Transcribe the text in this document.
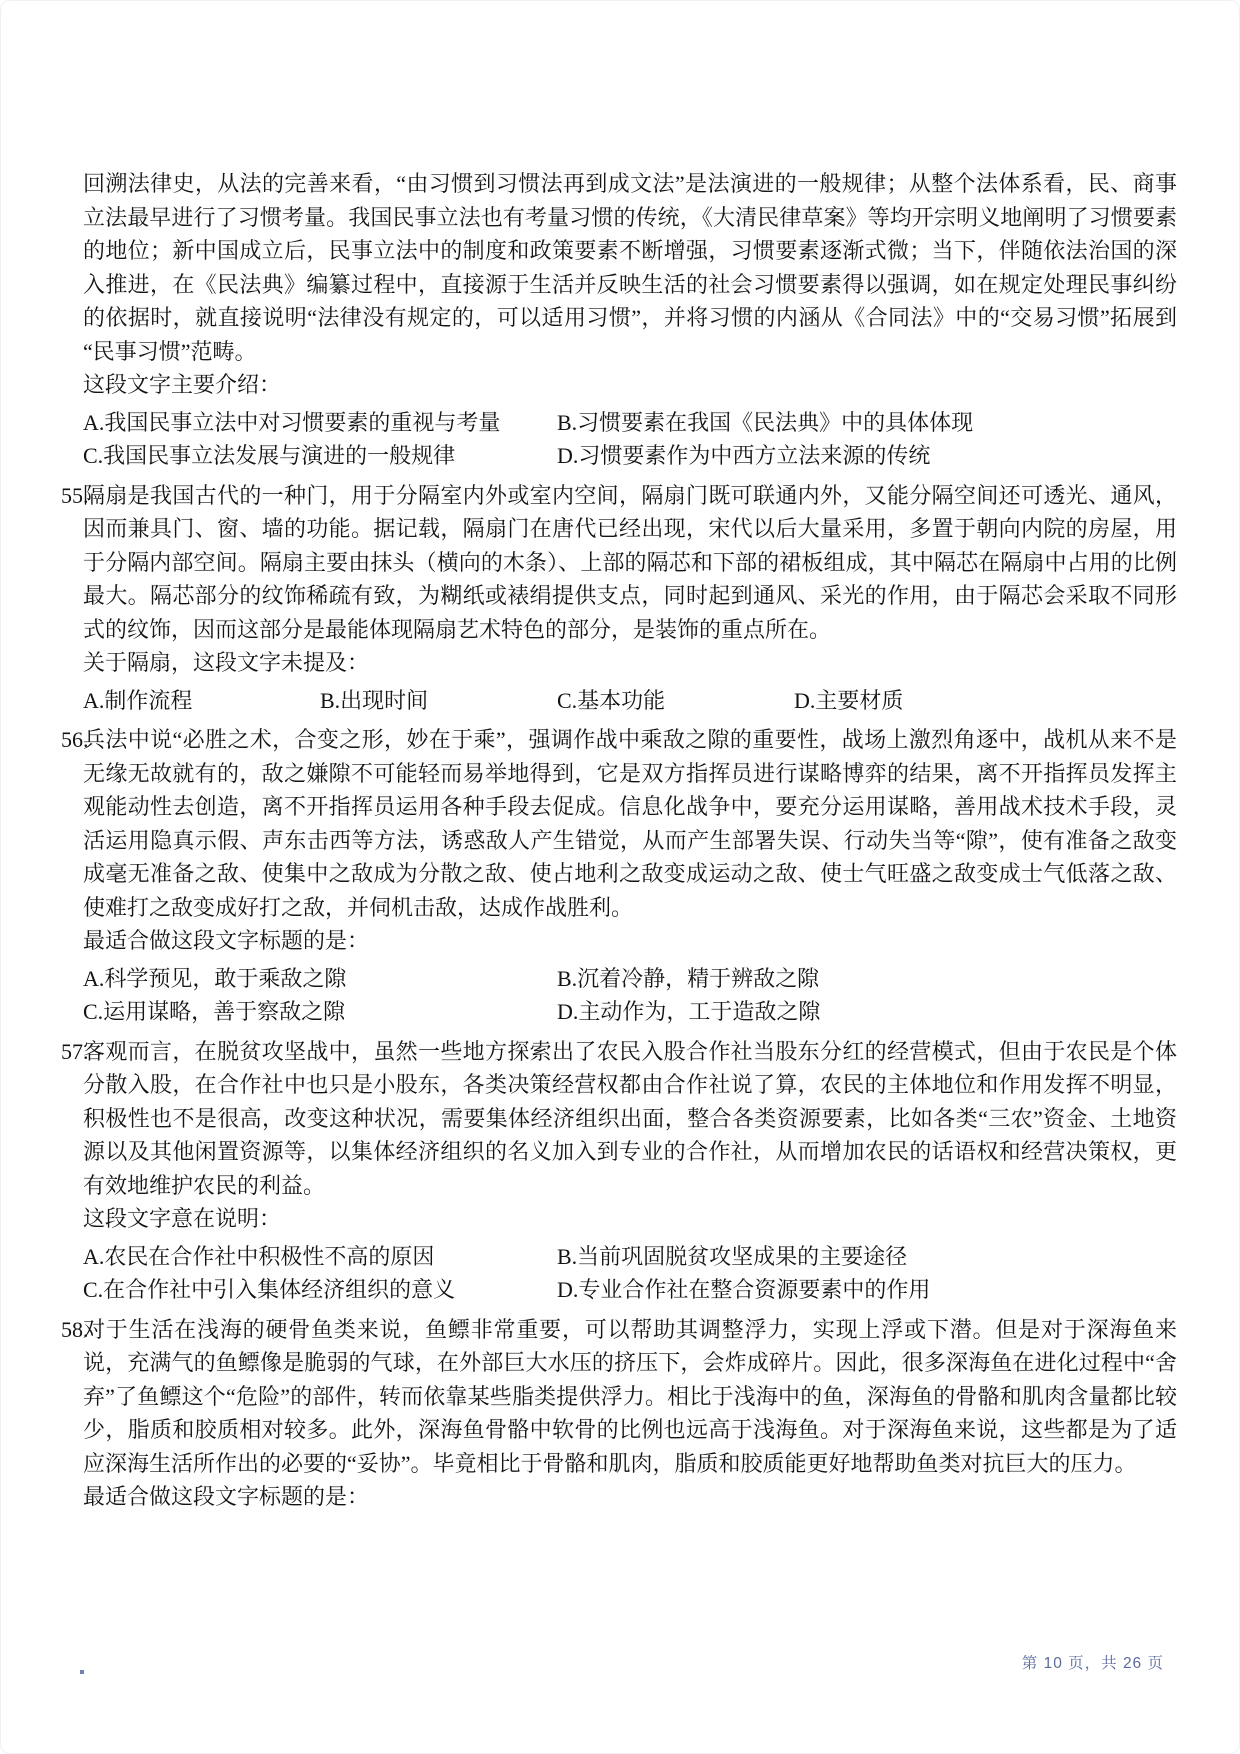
回溯法律史，从法的完善来看，“由习惯到习惯法再到成文法”是法演进的一般规律；从整个法体系看，民、商事立法最早进行了习惯考量。我国民事立法也有考量习惯的传统，《大清民律草案》等均开宗明义地阐明了习惯要素的地位；新中国成立后，民事立法中的制度和政策要素不断增强，习惯要素逐渐式微；当下，伴随依法治国的深入推进，在《民法典》编纂过程中，直接源于生活并反映生活的社会习惯要素得以强调，如在规定处理民事纠纷的依据时，就直接说明“法律没有规定的，可以适用习惯”，并将习惯的内涵从《合同法》中的“交易习惯”拓展到“民事习惯”范畴。
这段文字主要介绍：
A.我国民事立法中对习惯要素的重视与考量	B.习惯要素在我国《民法典》中的具体体现
C.我国民事立法发展与演进的一般规律	D.习惯要素作为中西方立法来源的传统
55.
隔扇是我国古代的一种门，用于分隔室内外或室内空间，隔扇门既可联通内外，又能分隔空间还可透光、通风，因而兼具门、窗、墙的功能。据记载，隔扇门在唐代已经出现，宋代以后大量采用，多置于朝向内院的房屋，用于分隔内部空间。隔扇主要由抹头（横向的木条）、上部的隔芯和下部的裙板组成，其中隔芯在隔扇中占用的比例最大。隔芯部分的纹饰稀疏有致，为糊纸或裱绢提供支点，同时起到通风、采光的作用，由于隔芯会采取不同形式的纹饰，因而这部分是最能体现隔扇艺术特色的部分，是装饰的重点所在。
关于隔扇，这段文字未提及：
A.制作流程	B.出现时间	C.基本功能	D.主要材质
56.
兵法中说“必胜之术，合变之形，妙在于乘”，强调作战中乘敌之隙的重要性，战场上激烈角逐中，战机从来不是无缘无故就有的，敌之嫌隙不可能轻而易举地得到，它是双方指挥员进行谋略博弈的结果，离不开指挥员发挥主观能动性去创造，离不开指挥员运用各种手段去促成。信息化战争中，要充分运用谋略，善用战术技术手段，灵活运用隐真示假、声东击西等方法，诱惑敌人产生错觉，从而产生部署失误、行动失当等“隙”，使有准备之敌变成毫无准备之敌、使集中之敌成为分散之敌、使占地利之敌变成运动之敌、使士气旺盛之敌变成士气低落之敌、使难打之敌变成好打之敌，并伺机击敌，达成作战胜利。
最适合做这段文字标题的是：
A.科学预见，敢于乘敌之隙	B.沉着冷静，精于辨敌之隙
C.运用谋略，善于察敌之隙	D.主动作为，工于造敌之隙
57.
客观而言，在脱贫攻坚战中，虽然一些地方探索出了农民入股合作社当股东分红的经营模式，但由于农民是个体分散入股，在合作社中也只是小股东，各类决策经营权都由合作社说了算，农民的主体地位和作用发挥不明显，积极性也不是很高，改变这种状况，需要集体经济组织出面，整合各类资源要素，比如各类“三农”资金、土地资源以及其他闲置资源等，以集体经济组织的名义加入到专业的合作社，从而增加农民的话语权和经营决策权，更有效地维护农民的利益。
这段文字意在说明：
A.农民在合作社中积极性不高的原因	B.当前巩固脱贫攻坚成果的主要途径
C.在合作社中引入集体经济组织的意义	D.专业合作社在整合资源要素中的作用
58.
对于生活在浅海的硬骨鱼类来说，鱼鳔非常重要，可以帮助其调整浮力，实现上浮或下潜。但是对于深海鱼来说，充满气的鱼鳔像是脆弱的气球，在外部巨大水压的挤压下，会炸成碎片。因此，很多深海鱼在进化过程中“舍弃”了鱼鳔这个“危险”的部件，转而依靠某些脂类提供浮力。相比于浅海中的鱼，深海鱼的骨骼和肌肉含量都比较少，脂质和胶质相对较多。此外，深海鱼骨骼中软骨的比例也远高于浅海鱼。对于深海鱼来说，这些都是为了适应深海生活所作出的必要的“妥协”。毕竟相比于骨骼和肌肉，脂质和胶质能更好地帮助鱼类对抗巨大的压力。
最适合做这段文字标题的是：
第 10 页，共 26 页
